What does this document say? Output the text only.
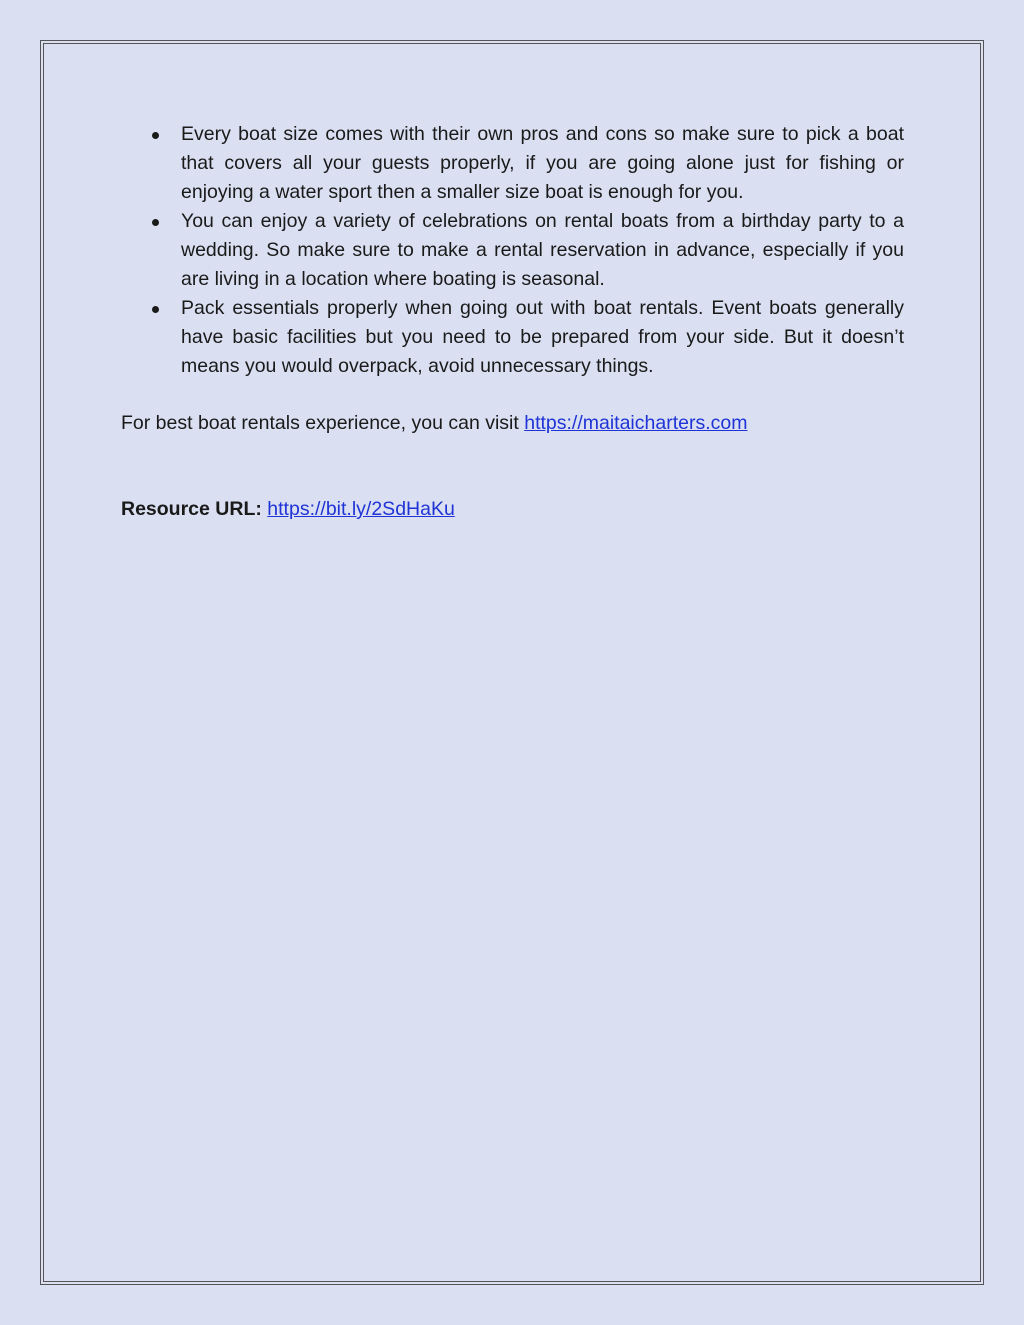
Every boat size comes with their own pros and cons so make sure to pick a boat that covers all your guests properly, if you are going alone just for fishing or enjoying a water sport then a smaller size boat is enough for you.
You can enjoy a variety of celebrations on rental boats from a birthday party to a wedding. So make sure to make a rental reservation in advance, especially if you are living in a location where boating is seasonal.
Pack essentials properly when going out with boat rentals. Event boats generally have basic facilities but you need to be prepared from your side. But it doesn’t means you would overpack, avoid unnecessary things.

For best boat rentals experience, you can visit https://maitaicharters.com

Resource URL: https://bit.ly/2SdHaKu
